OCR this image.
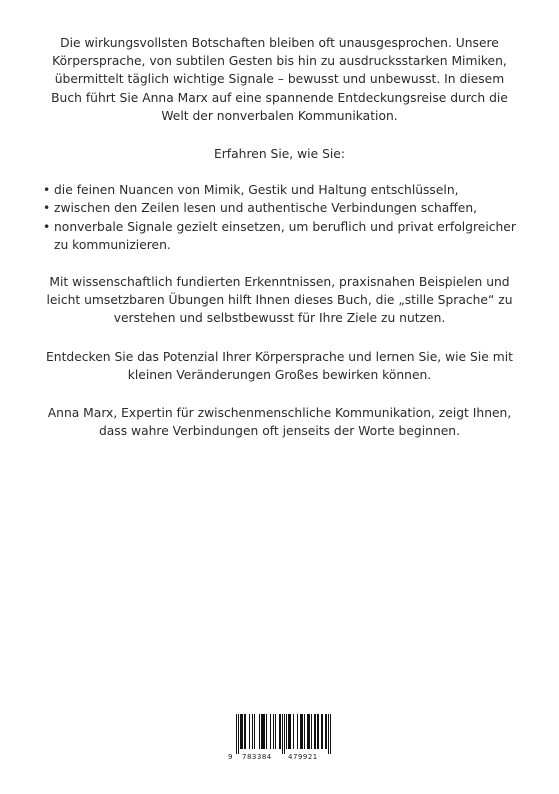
Die wirkungsvollsten Botschaften bleiben oft unausgesprochen. Unsere Körpersprache, von subtilen Gesten bis hin zu ausdrucksstarken Mimiken, übermittelt täglich wichtige Signale – bewusst und unbewusst. In diesem Buch führt Sie Anna Marx auf eine spannende Entdeckungsreise durch die Welt der nonverbalen Kommunikation.

Erfahren Sie, wie Sie:

• die feinen Nuancen von Mimik, Gestik und Haltung entschlüsseln,
• zwischen den Zeilen lesen und authentische Verbindungen schaffen,
• nonverbale Signale gezielt einsetzen, um beruflich und privat erfolgreicher zu kommunizieren.

Mit wissenschaftlich fundierten Erkenntnissen, praxisnahen Beispielen und leicht umsetzbaren Übungen hilft Ihnen dieses Buch, die „stille Sprache“ zu verstehen und selbstbewusst für Ihre Ziele zu nutzen.

Entdecken Sie das Potenzial Ihrer Körpersprache und lernen Sie, wie Sie mit kleinen Veränderungen Großes bewirken können.

Anna Marx, Expertin für zwischenmenschliche Kommunikation, zeigt Ihnen, dass wahre Verbindungen oft jenseits der Worte beginnen.

9 783384 479921
